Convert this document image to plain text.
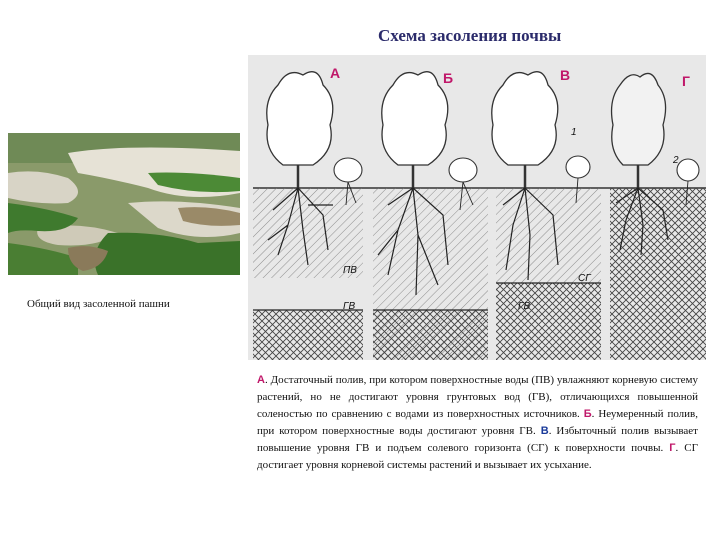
Схема засоления почвы
Общий вид засоленной пашни
ПВ
ГВ	ГВ
СГ
1
2
А	Б	В	Г
А. Достаточный полив, при котором поверхностные воды (ПВ) увлажняют корневую систему растений, но не достигают уровня грунтовых вод (ГВ), отличающихся повышенной соленостью по сравнению с водами из поверхностных источников. Б. Неумеренный полив, при котором поверхностные воды достигают уровня ГВ. В. Избыточный полив вызывает повышение уровня ГВ и подъем солевого горизонта (СГ) к поверхности почвы. Г. СГ достигает уровня корневой системы растений и вызывает их усыхание.
